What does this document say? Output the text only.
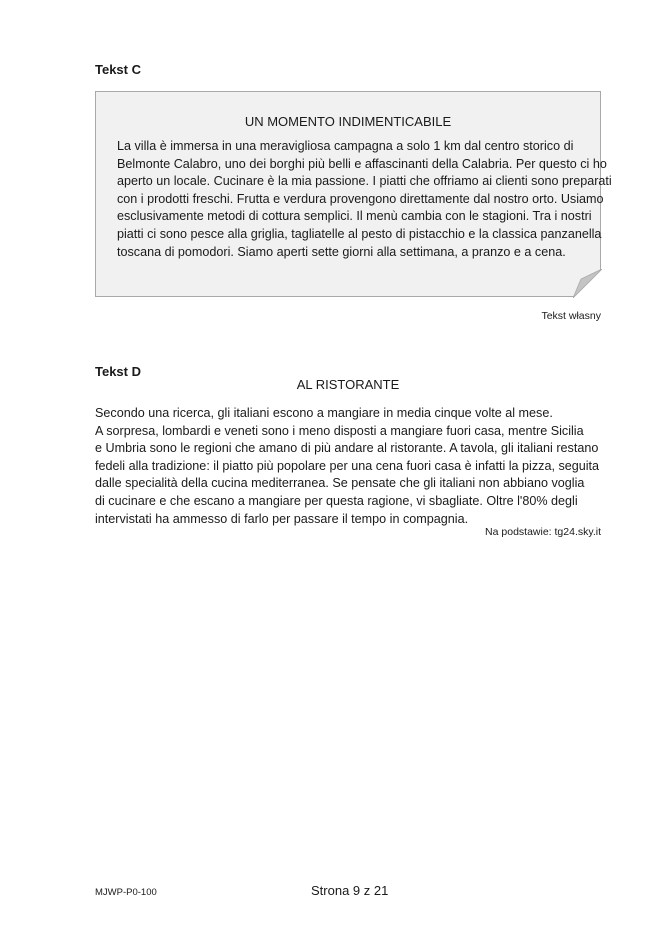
Tekst C
UN MOMENTO INDIMENTICABILE
La villa è immersa in una meravigliosa campagna a solo 1 km dal centro storico di
Belmonte Calabro, uno dei borghi più belli e affascinanti della Calabria. Per questo ci ho
aperto un locale. Cucinare è la mia passione. I piatti che offriamo ai clienti sono preparati
con i prodotti freschi. Frutta e verdura provengono direttamente dal nostro orto. Usiamo
esclusivamente metodi di cottura semplici. Il menù cambia con le stagioni. Tra i nostri
piatti ci sono pesce alla griglia, tagliatelle al pesto di pistacchio e la classica panzanella
toscana di pomodori. Siamo aperti sette giorni alla settimana, a pranzo e a cena.
Tekst własny
Tekst D
AL RISTORANTE
Secondo una ricerca, gli italiani escono a mangiare in media cinque volte al mese.
A sorpresa, lombardi e veneti sono i meno disposti a mangiare fuori casa, mentre Sicilia
e Umbria sono le regioni che amano di più andare al ristorante. A tavola, gli italiani restano
fedeli alla tradizione: il piatto più popolare per una cena fuori casa è infatti la pizza, seguita
dalle specialità della cucina mediterranea. Se pensate che gli italiani non abbiano voglia
di cucinare e che escano a mangiare per questa ragione, vi sbagliate. Oltre l'80% degli
intervistati ha ammesso di farlo per passare il tempo in compagnia.
Na podstawie: tg24.sky.it
MJWP-P0-100	Strona 9 z 21
